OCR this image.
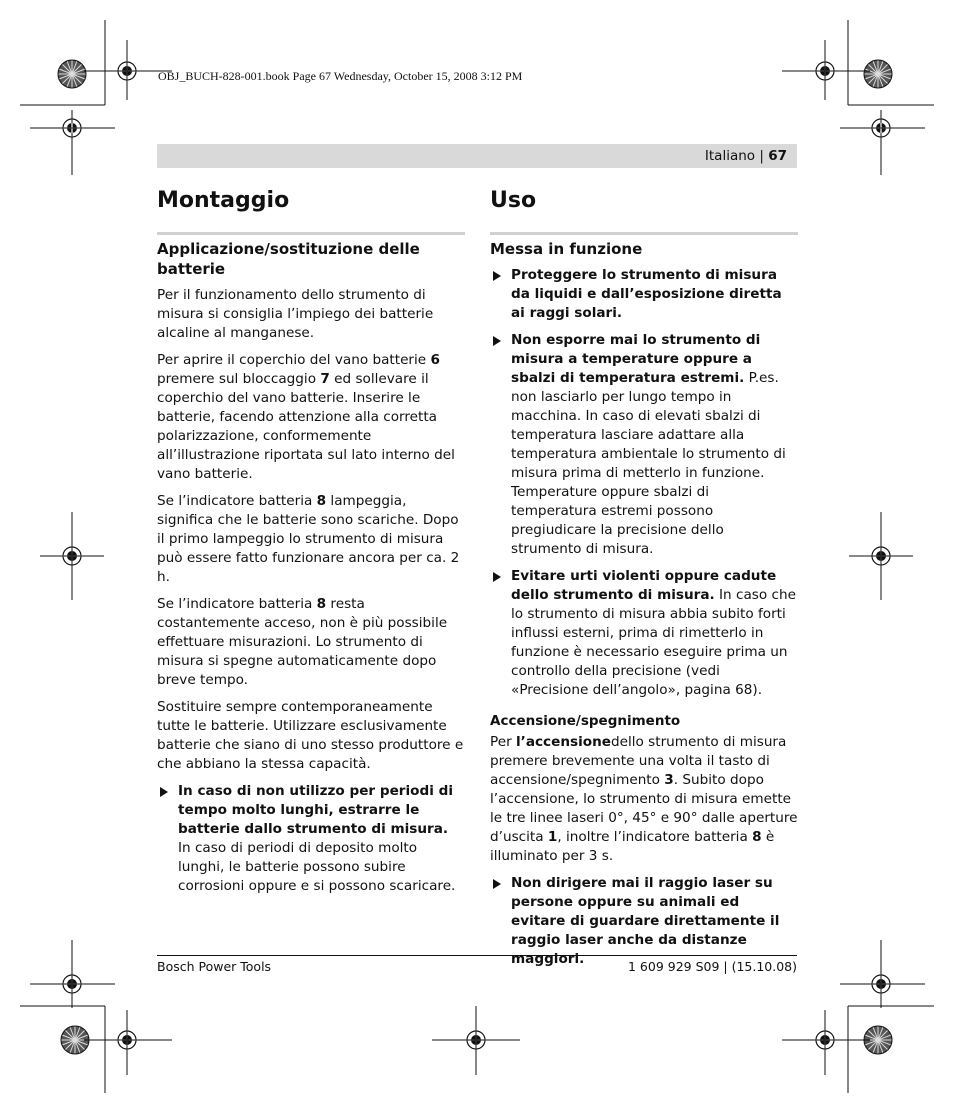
OBJ_BUCH-828-001.book Page 67 Wednesday, October 15, 2008 3:12 PM
Italiano | 67
Montaggio	Uso
Applicazione/sostituzione delle batterie

Per il funzionamento dello strumento di misura si consiglia l’impiego dei batterie alcaline al manganese.

Per aprire il coperchio del vano batterie 6 premere sul bloccaggio 7 ed sollevare il coperchio del vano batterie. Inserire le batterie, facendo attenzione alla corretta polarizzazione, conformemente all’illustrazione riportata sul lato interno del vano batterie.

Se l’indicatore batteria 8 lampeggia, significa che le batterie sono scariche. Dopo il primo lampeggio lo strumento di misura può essere fatto funzionare ancora per ca. 2 h.

Se l’indicatore batteria 8 resta costantemente acceso, non è più possibile effettuare misurazioni. Lo strumento di misura si spegne automaticamente dopo breve tempo.

Sostituire sempre contemporaneamente tutte le batterie. Utilizzare esclusivamente batterie che siano di uno stesso produttore e che abbiano la stessa capacità.

In caso di non utilizzo per periodi di tempo molto lunghi, estrarre le batterie dallo strumento di misura. In caso di periodi di deposito molto lunghi, le batterie possono subire corrosioni oppure e si possono scaricare.
Messa in funzione
Proteggere lo strumento di misura da liquidi e dall’esposizione diretta ai raggi solari.
Non esporre mai lo strumento di misura a temperature oppure a sbalzi di temperatura estremi. P.es. non lasciarlo per lungo tempo in macchina. In caso di elevati sbalzi di temperatura lasciare adattare alla temperatura ambientale lo strumento di misura prima di metterlo in funzione. Temperature oppure sbalzi di temperatura estremi possono pregiudicare la precisione dello strumento di misura.
Evitare urti violenti oppure cadute dello strumento di misura. In caso che lo strumento di misura abbia subito forti influssi esterni, prima di rimetterlo in funzione è necessario eseguire prima un controllo della precisione (vedi «Precisione dell’angolo», pagina 68).
Accensione/spegnimento

Per l’accensionedello strumento di misura premere brevemente una volta il tasto di accensione/spegnimento 3. Subito dopo l’accensione, lo strumento di misura emette le tre linee laseri 0°, 45° e 90° dalle aperture d’uscita 1, inoltre l’indicatore batteria 8 è illuminato per 3 s.

Non dirigere mai il raggio laser su persone oppure su animali ed evitare di guardare direttamente il raggio laser anche da distanze maggiori.
Bosch Power Tools	1 609 929 S09 | (15.10.08)
